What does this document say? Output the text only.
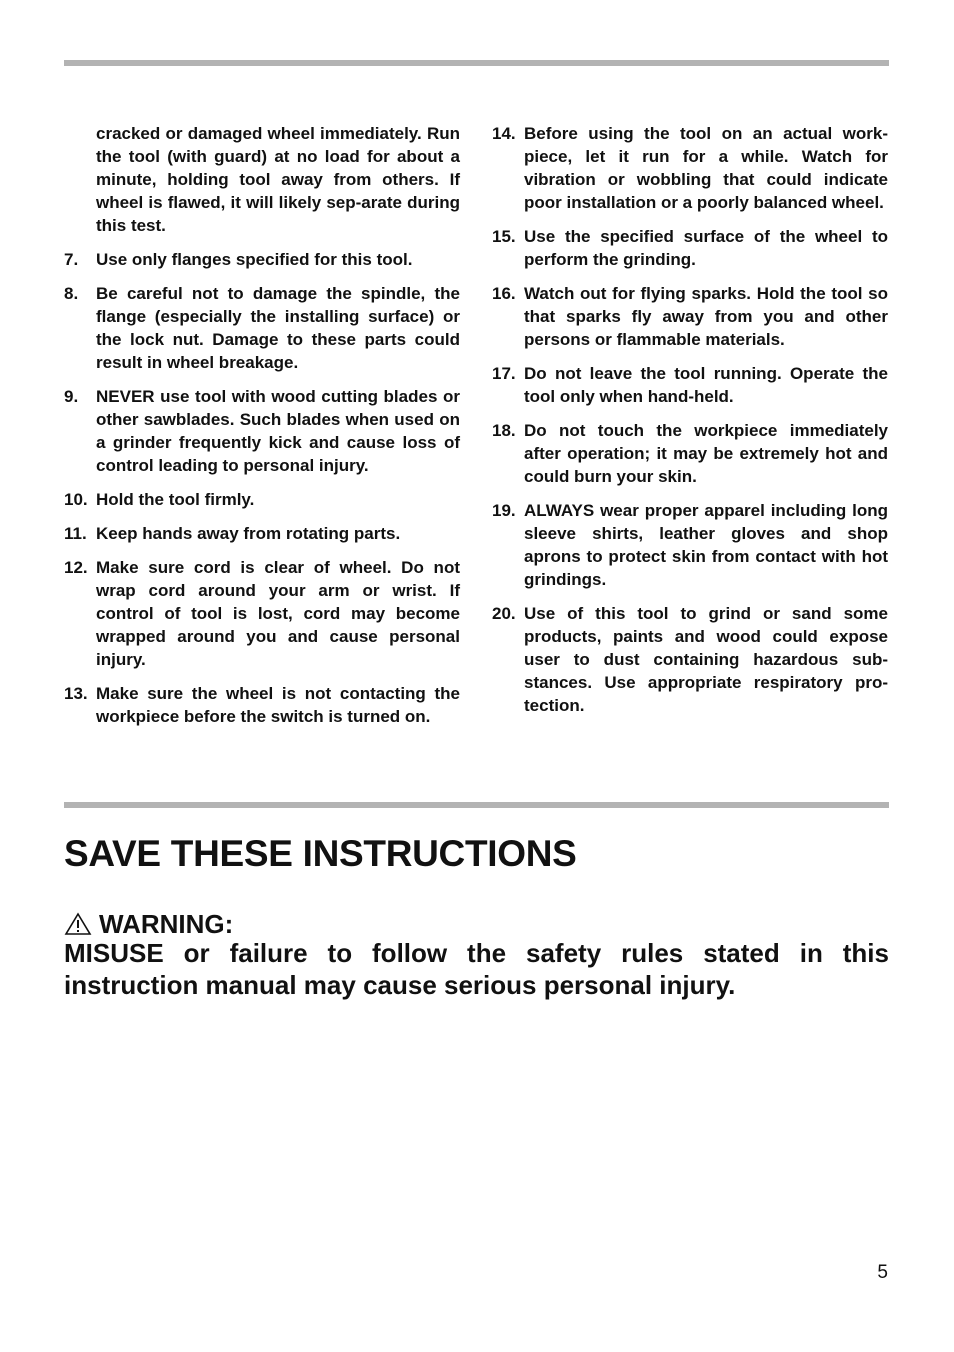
cracked or damaged wheel immediately. Run the tool (with guard) at no load for about a minute, holding tool away from others. If wheel is flawed, it will likely sep-arate during this test.
7.	Use only flanges specified for this tool.
8.	Be careful not to damage the spindle, the flange (especially the installing surface) or the lock nut. Damage to these parts could result in wheel breakage.
9.	NEVER use tool with wood cutting blades or other sawblades. Such blades when used on a grinder frequently kick and cause loss of control leading to personal injury.
10. Hold the tool firmly.
11. Keep hands away from rotating parts.
12. Make sure cord is clear of wheel. Do not wrap cord around your arm or wrist. If control of tool is lost, cord may become wrapped around you and cause personal injury.
13. Make sure the wheel is not contacting the workpiece before the switch is turned on.
14. Before using the tool on an actual work-piece, let it run for a while. Watch for vibration or wobbling that could indicate poor installation or a poorly balanced wheel.
15. Use the specified surface of the wheel to perform the grinding.
16. Watch out for flying sparks. Hold the tool so that sparks fly away from you and other persons or flammable materials.
17. Do not leave the tool running. Operate the tool only when hand-held.
18. Do not touch the workpiece immediately after operation; it may be extremely hot and could burn your skin.
19. ALWAYS wear proper apparel including long sleeve shirts, leather gloves and shop aprons to protect skin from contact with hot grindings.
20. Use of this tool to grind or sand some products, paints and wood could expose user to dust containing hazardous sub-stances. Use appropriate respiratory pro-tection.
SAVE THESE INSTRUCTIONS
WARNING:
MISUSE or failure to follow the safety rules stated in this instruction manual may cause serious personal injury.
5
